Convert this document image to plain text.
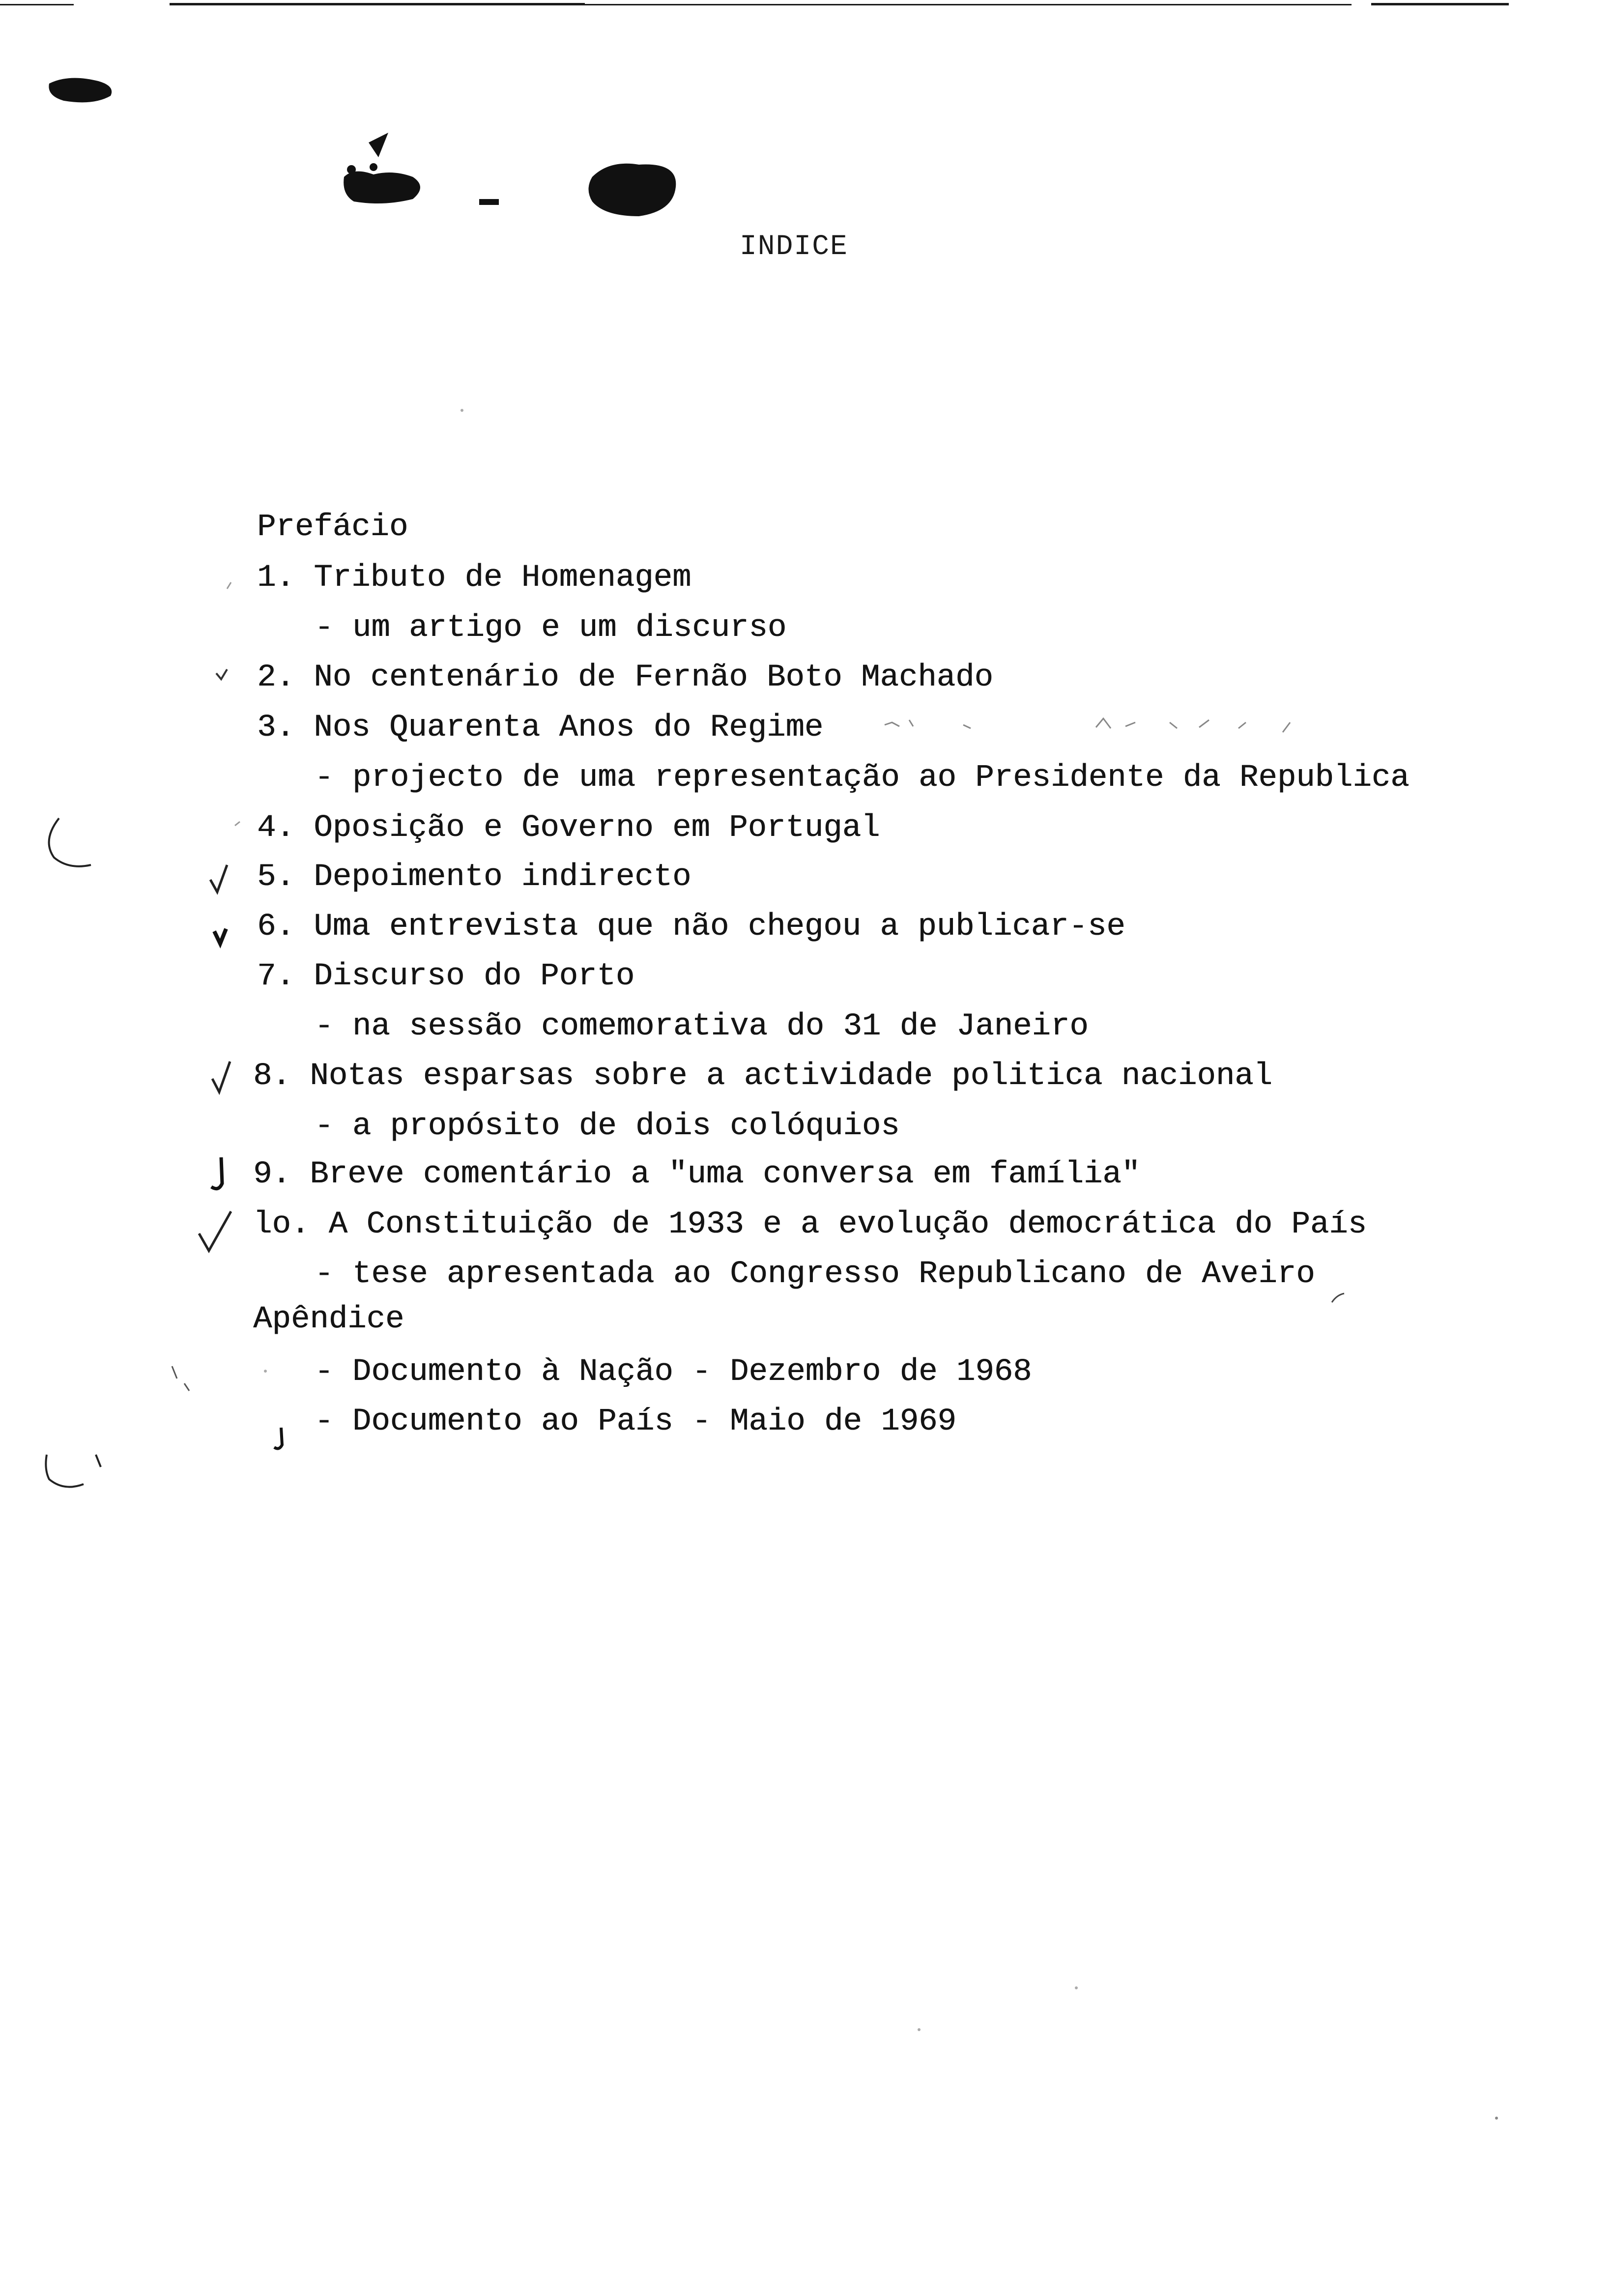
INDICE
Prefácio
1. Tributo de Homenagem
- um artigo e um discurso
2. No centenário de Fernão Boto Machado
3. Nos Quarenta Anos do Regime
- projecto de uma representação ao Presidente da Republica
4. Oposição e Governo em Portugal
5. Depoimento indirecto
6. Uma entrevista que não chegou a publicar-se
7. Discurso do Porto
- na sessão comemorativa do 31 de Janeiro
8. Notas esparsas sobre a actividade politica nacional
- a propósito de dois colóquios
9. Breve comentário a "uma conversa em família"
lo. A Constituição de 1933 e a evolução democrática do País
- tese apresentada ao Congresso Republicano de Aveiro
Apêndice
- Documento à Nação - Dezembro de 1968
- Documento ao País - Maio de 1969
